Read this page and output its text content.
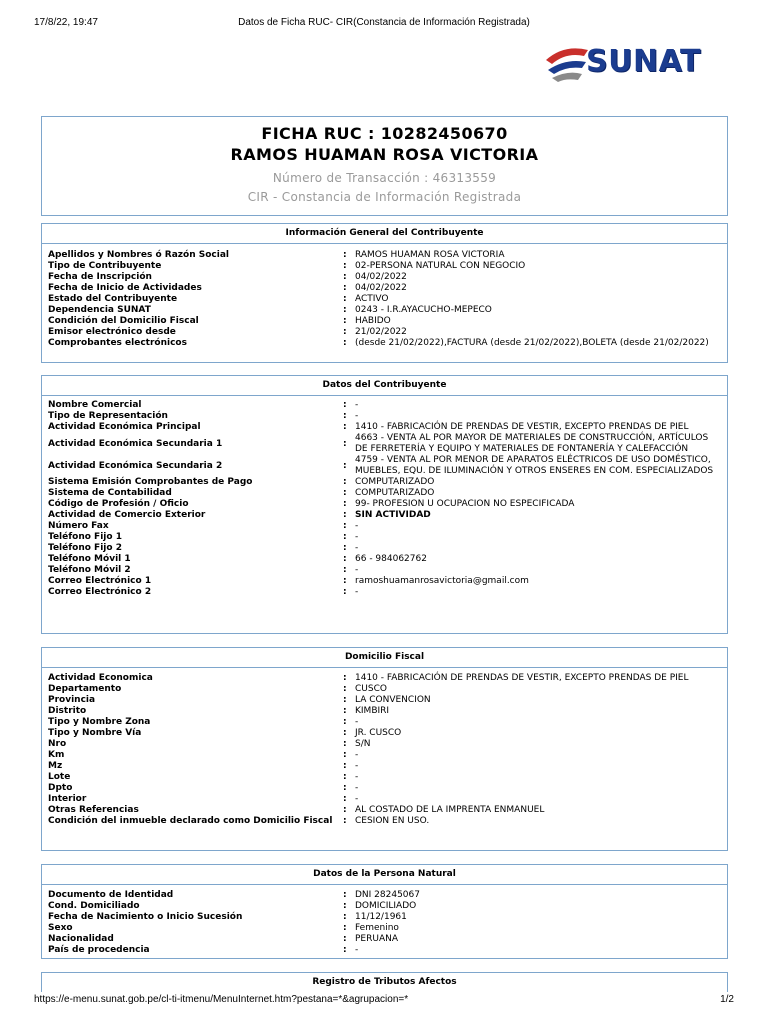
17/8/22, 19:47	Datos de Ficha RUC- CIR(Constancia de Información Registrada)
SUNAT
FICHA RUC : 10282450670
RAMOS HUAMAN ROSA VICTORIA
Número de Transacción : 46313559
CIR - Constancia de Información Registrada
Información General del Contribuyente
Apellidos y Nombres ó Razón Social	: RAMOS HUAMAN ROSA VICTORIA
Tipo de Contribuyente	: 02-PERSONA NATURAL CON NEGOCIO
Fecha de Inscripción	: 04/02/2022
Fecha de Inicio de Actividades	: 04/02/2022
Estado del Contribuyente	: ACTIVO
Dependencia SUNAT	: 0243 - I.R.AYACUCHO-MEPECO
Condición del Domicilio Fiscal	: HABIDO
Emisor electrónico desde	: 21/02/2022
Comprobantes electrónicos	: (desde 21/02/2022),FACTURA (desde 21/02/2022),BOLETA (desde 21/02/2022)
Datos del Contribuyente
Nombre Comercial	: -
Tipo de Representación	: -
Actividad Económica Principal	: 1410 - FABRICACIÓN DE PRENDAS DE VESTIR, EXCEPTO PRENDAS DE PIEL
Actividad Económica Secundaria 1	:
4663 - VENTA AL POR MAYOR DE MATERIALES DE CONSTRUCCIÓN, ARTÍCULOS DE FERRETERÍA Y EQUIPO Y MATERIALES DE FONTANERÍA Y CALEFACCIÓN
Actividad Económica Secundaria 2	:
4759 - VENTA AL POR MENOR DE APARATOS ELÉCTRICOS DE USO DOMÉSTICO, MUEBLES, EQU. DE ILUMINACIÓN Y OTROS ENSERES EN COM. ESPECIALIZADOS
Sistema Emisión Comprobantes de Pago	: COMPUTARIZADO
Sistema de Contabilidad	: COMPUTARIZADO
Código de Profesión / Oficio	: 99- PROFESION U OCUPACION NO ESPECIFICADA
Actividad de Comercio Exterior	: SIN ACTIVIDAD
Número Fax	: -
Teléfono Fijo 1	: -
Teléfono Fijo 2	: -
Teléfono Móvil 1	: 66 - 984062762
Teléfono Móvil 2	: -
Correo Electrónico 1	: ramoshuamanrosavictoria@gmail.com
Correo Electrónico 2	: -
Domicilio Fiscal
Actividad Economica	: 1410 - FABRICACIÓN DE PRENDAS DE VESTIR, EXCEPTO PRENDAS DE PIEL
Departamento	: CUSCO
Provincia	: LA CONVENCION
Distrito	: KIMBIRI
Tipo y Nombre Zona	: -
Tipo y Nombre Vía	: JR. CUSCO
Nro	: S/N
Km	: -
Mz	: -
Lote	: -
Dpto	: -
Interior	: -
Otras Referencias	: AL COSTADO DE LA IMPRENTA ENMANUEL
Condición del inmueble declarado como Domicilio Fiscal	: CESION EN USO.
Datos de la Persona Natural
Documento de Identidad	: DNI 28245067
Cond. Domiciliado	: DOMICILIADO
Fecha de Nacimiento o Inicio Sucesión	: 11/12/1961
Sexo	: Femenino
Nacionalidad	: PERUANA
País de procedencia	: -
Registro de Tributos Afectos
https://e-menu.sunat.gob.pe/cl-ti-itmenu/MenuInternet.htm?pestana=*&agrupacion=*	1/2
